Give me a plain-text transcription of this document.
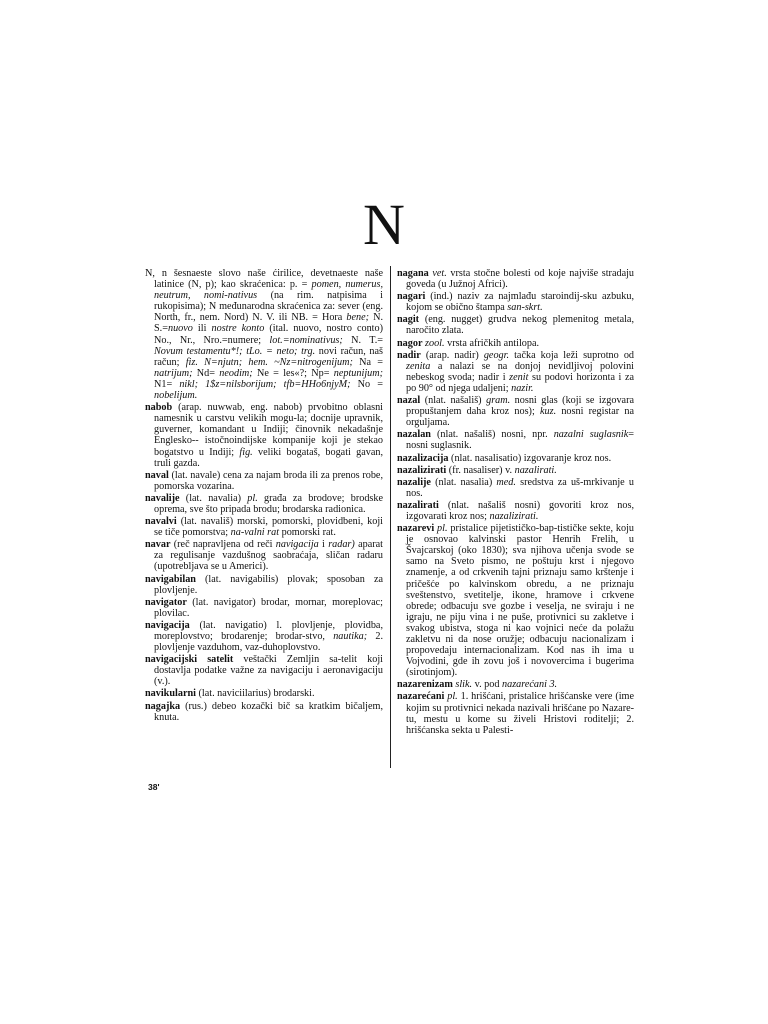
N
N, n šesnaeste slovo naše ćirilice, devetnaeste naše latinice (N, p); kao skraćenica: p. = pomen, numerus, neutrum, nomi-nativus (na rim. natpisima i rukopisima); N međunarodna skraćenica za: sever (eng. North, fr., nem. Nord) N. V. ili NB. = Hora bene; N. S.=nuovo ili nostre konto (ital. nuovo, nostro conto) No., Nr., Nro.=numere; lot.=nominativus; N. T.= Novum testamentu*!; tLo. = neto; trg. novi račun, naš račun; fiz. N=njutn; hem. ~Nz=nitrogenijum; Na = natrijum; Nd= neodim; Ne = les«?; Np= neptunijum; N1= nikl; 1$z=nilsborijum; tfb=HHo6njyM; No = nobelijum.
nabob (arap. nuwwab, eng. nabob) prvobitno oblasni namesnik u carstvu velikih mogu-la; docnije upravnik, guverner, komandant u Indiji; činovnik nekadašnje Englesko-- istočnoindijske kompanije koji je stekao bogatstvo u Indiji; fig. veliki bogataš, bogati gavan, truli gazda.
naval (lat. navale) cena za najam broda ili za prenos robe, pomorska vozarina.
navalije (lat. navalia) pl. građa za brodove; brodske oprema, sve što pripada brodu; brodarska radionica.
navalvi (lat. navališ) morski, pomorski, plovidbeni, koji se tiče pomorstva; na-valni rat pomorski rat.
navar (reč napravljena od reči navigacija i radar) aparat za regulisanje vazdušnog saobraćaja, sličan radaru (upotrebljava se u Americi).
navigabilan (lat. navigabilis) plovak; sposoban za plovljenje.
navigator (lat. navigator) brodar, mornar, moreplovac; plovilac.
navigacija (lat. navigatio) l. plovljenje, plovidba, moreplovstvo; brodarenje; brodar-stvo, nautika; 2. plovljenje vazduhom, vaz-duhoplovstvo.
navigacijski satelit veštački Zemljin sa-telit koji dostavlja podatke važne za navigaciju i aeronavigaciju (v.).
navikularni (lat. naviciilarius) brodarski.
nagajka (rus.) debeo kozački bič sa kratkim bičaljem, knuta.
nagana vet. vrsta stočne bolesti od koje najviše stradaju goveda (u Južnoj Africi).
nagari (ind.) naziv za najmlađu staroindij-sku azbuku, kojom se obično štampa san-skrt.
nagit (eng. nugget) grudva nekog plemenitog metala, naročito zlata.
nagor zool. vrsta afričkih antilopa.
nadir (arap. nadir) geogr. tačka koja leži suprotno od zenita a nalazi se na donjoj nevidljivoj polovini nebeskog svoda; nadir i zenit su podovi horizonta i za po 90° od njega udaljeni; nazir.
nazal (nlat. našališ) gram. nosni glas (koji se izgovara propuštanjem daha kroz nos); kuz. nosni registar na orguljama.
nazalan (nlat. našališ) nosni, npr. nazalni suglasnik= nosni suglasnik.
nazalizacija (nlat. nasalisatio) izgovaranje kroz nos.
nazalizirati (fr. nasaliser) v. nazalirati.
nazalije (nlat. nasalia) med. sredstva za uš-mrkivanje u nos.
nazalirati (nlat. našališ nosni) govoriti kroz nos, izgovarati kroz nos; nazalizirati.
nazarevi pl. pristalice pijetističko-bap-tističke sekte, koju je osnovao kalvinski pastor Henrih Frelih, u Švajcarskoj (oko 1830); sva njihova učenja svode se samo na Sveto pismo, ne poštuju krst i njegovo znamenje, a od crkvenih tajni priznaju samo krštenje i pričešće po kalvinskom obredu, a ne priznaju sveštenstvo, svetitelje, ikone, hramove i crkvene obrede; odbacuju sve gozbe i veselja, ne sviraju i ne igraju, ne piju vina i ne puše, protivnici su zakletve i svakog ubistva, stoga ni kao vojnici neće da polažu zakletvu ni da nose oružje; odbacuju nacionalizam i propovedaju internacionalizam. Kod nas ih ima u Vojvodini, gde ih zovu još i novovercima i bugerima (sirotinjom).
nazarenizam slik. v. pod nazarećani 3.
nazarećani pl. 1. hrišćani, pristalice hrišćanske vere (ime kojim su protivnici nekada nazivali hrišćane po Nazare-tu, mestu u kome su živeli Hristovi roditelji; 2. hrišćanska sekta u Palesti-
38'
